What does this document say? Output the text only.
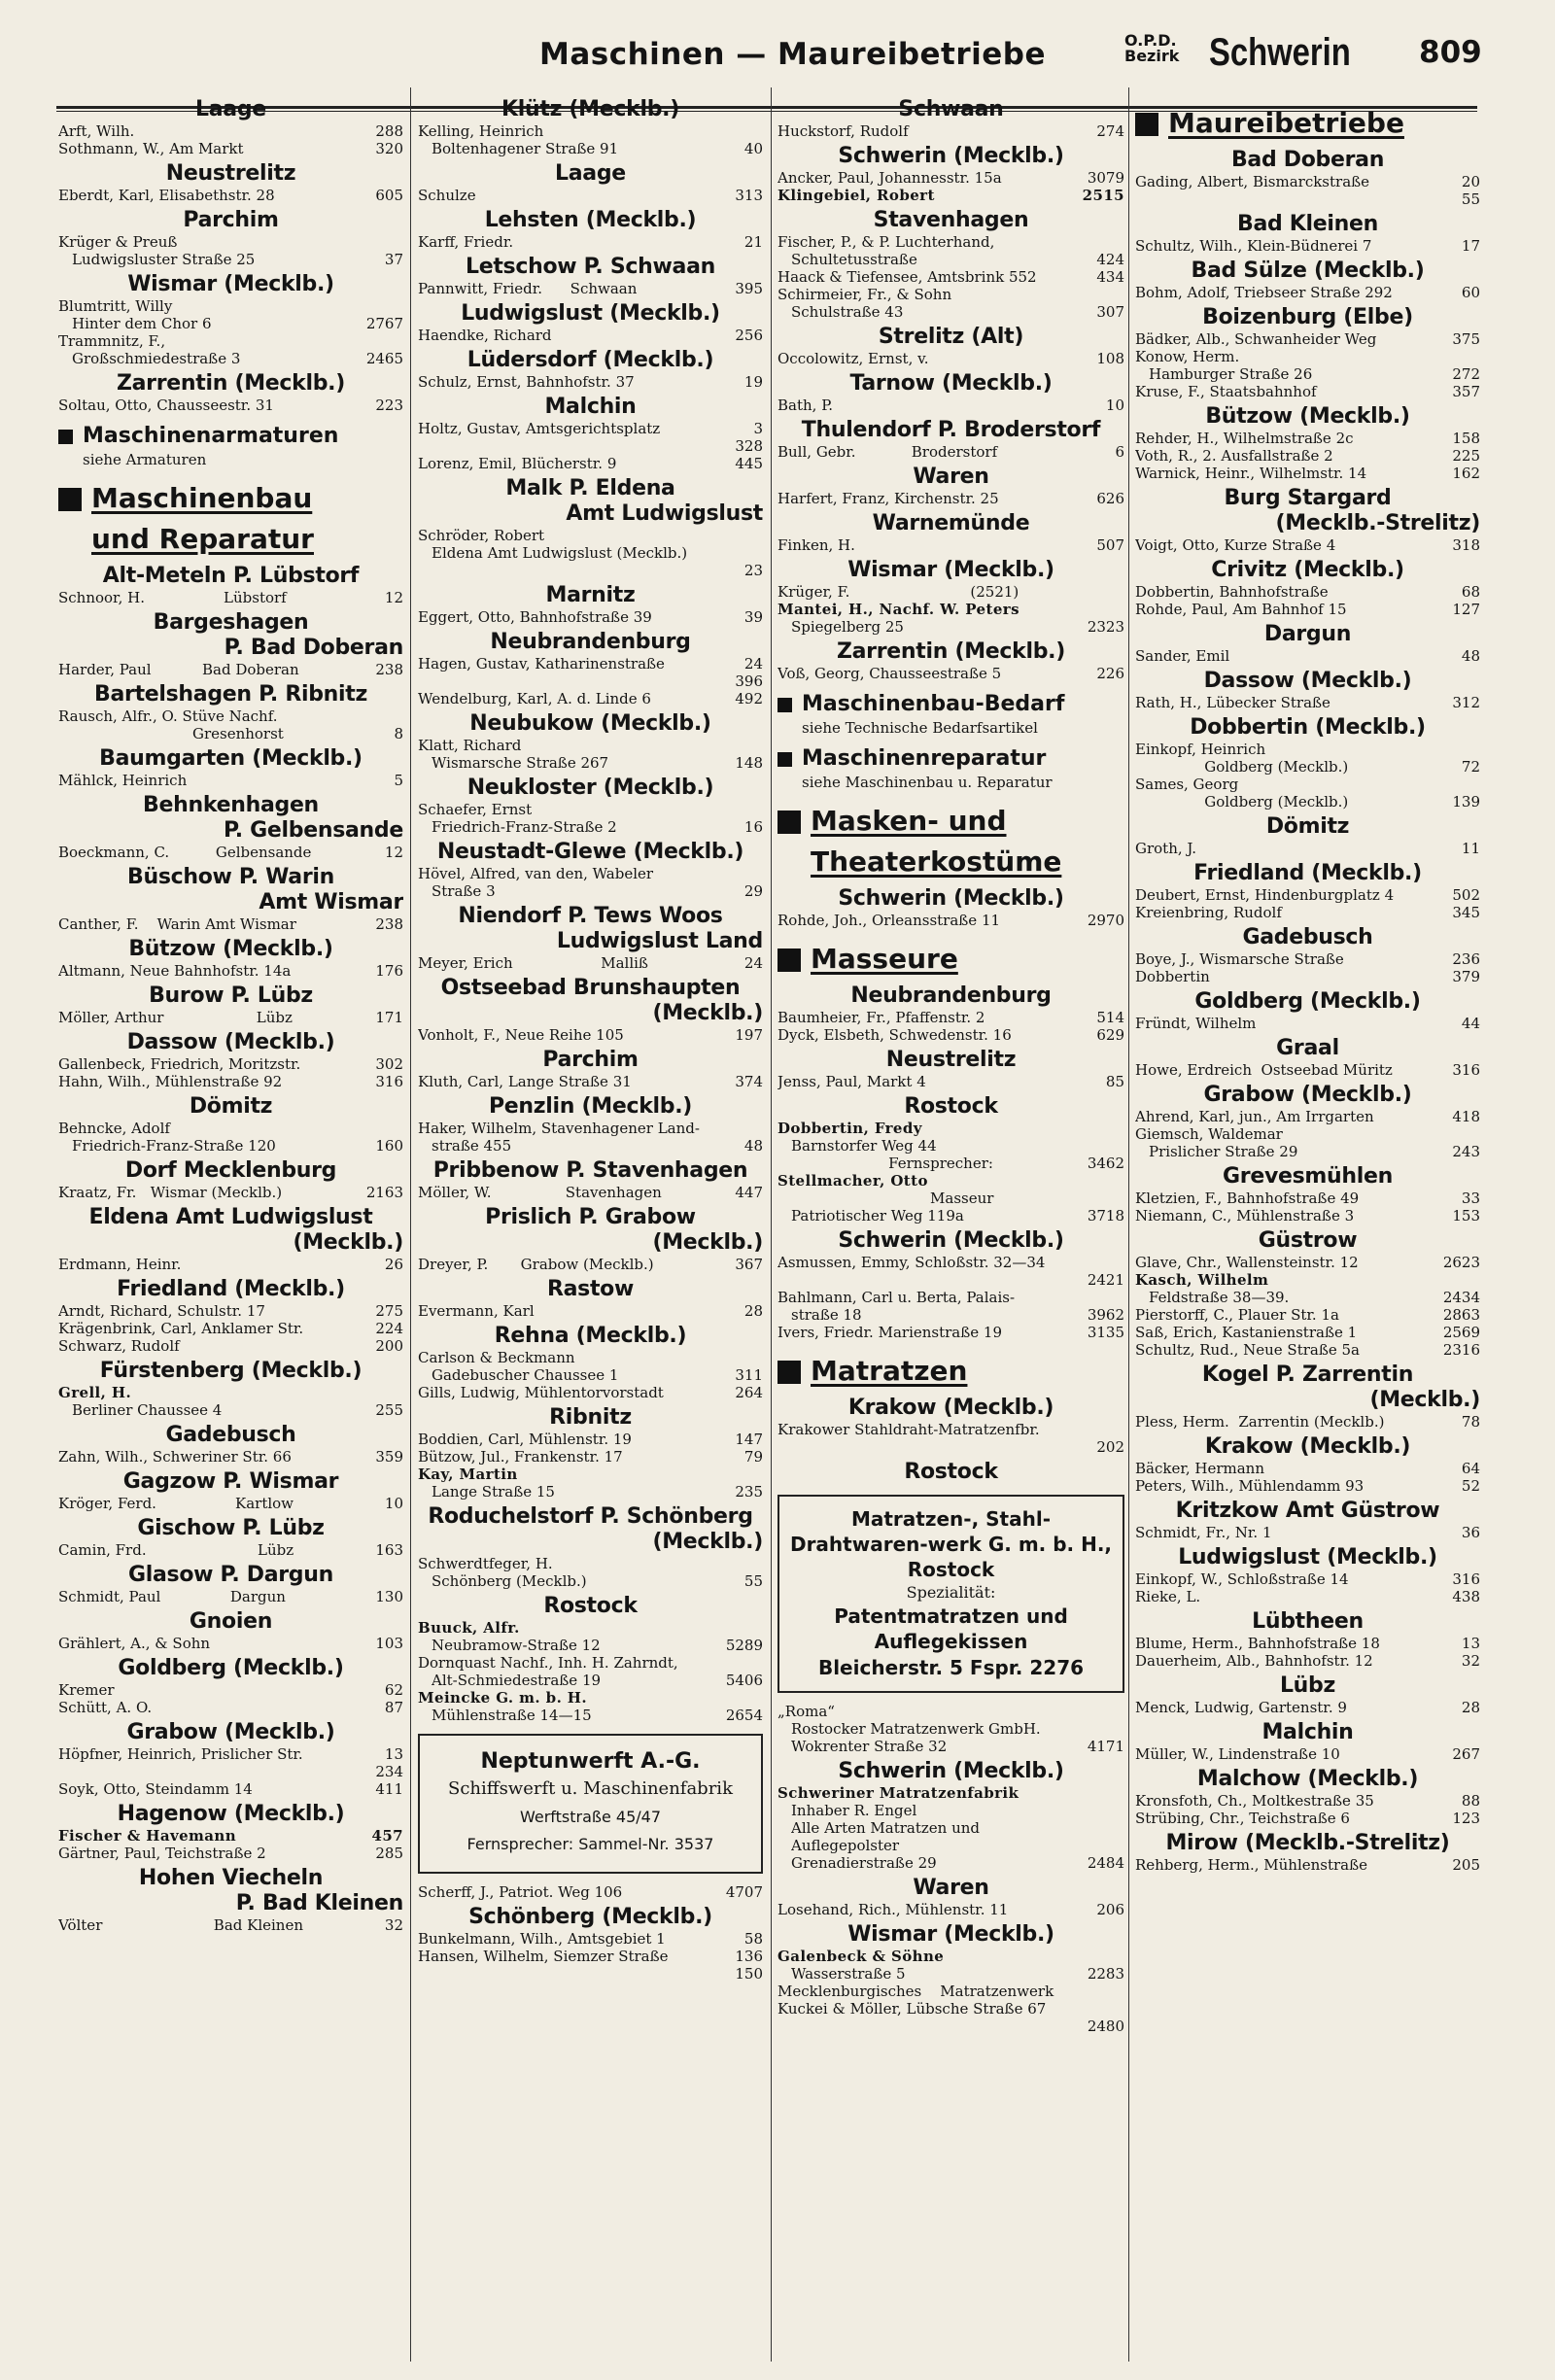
Maschinen — Maureibetriebe	O.P.D.
Bezirk Schwerin 809
Laage
Arft, Wilh.	288
Sothmann, W., Am Markt	320
Neustrelitz
Eberdt, Karl, Elisabethstr. 28	605
Parchim
Krüger & Preuß
Ludwigsluster Straße 25	37
Wismar (Mecklb.)
Blumtritt, Willy
Hinter dem Chor 6	2767
Trammnitz, F.,
Großschmiedestraße 3	2465
Zarrentin (Mecklb.)
Soltau, Otto, Chausseestr. 31	223
Maschinenarmaturen
siehe Armaturen
Maschinenbau
und Reparatur
Alt-Meteln P. Lübstorf
Schnoor, H.                 Lübstorf	12
Bargeshagen
P. Bad Doberan
Harder, Paul           Bad Doberan	238
Bartelshagen P. Ribnitz
Rausch, Alfr., O. Stüve Nachf.
Gresenhorst	8
Baumgarten (Mecklb.)
Mählck, Heinrich	5
Behnkenhagen
P. Gelbensande
Boeckmann, C.          Gelbensande	12
Büschow P. Warin
Amt Wismar
Canther, F.    Warin Amt Wismar	238
Bützow (Mecklb.)
Altmann, Neue Bahnhofstr. 14a	176
Burow P. Lübz
Möller, Arthur                    Lübz	171
Dassow (Mecklb.)
Gallenbeck, Friedrich, Moritzstr.	302
Hahn, Wilh., Mühlenstraße 92	316
Dömitz
Behncke, Adolf
Friedrich-Franz-Straße 120	160
Dorf Mecklenburg
Kraatz, Fr.   Wismar (Mecklb.)	2163
Eldena Amt Ludwigslust
(Mecklb.)
Erdmann, Heinr.	26
Friedland (Mecklb.)
Arndt, Richard, Schulstr. 17	275
Krägenbrink, Carl, Anklamer Str.	224
Schwarz, Rudolf	200
Fürstenberg (Mecklb.)
Grell, H.
Berliner Chaussee 4	255
Gadebusch
Zahn, Wilh., Schweriner Str. 66	359
Gagzow P. Wismar
Kröger, Ferd.                 Kartlow	10
Gischow P. Lübz
Camin, Frd.                        Lübz	163
Glasow P. Dargun
Schmidt, Paul               Dargun	130
Gnoien
Grählert, A., & Sohn	103
Goldberg (Mecklb.)
Kremer	62
Schütt, A. O.	87
Grabow (Mecklb.)
Höpfner, Heinrich, Prislicher Str.	13
234
Soyk, Otto, Steindamm 14	411
Hagenow (Mecklb.)
Fischer & Havemann	457
Gärtner, Paul, Teichstraße 2	285
Hohen Viecheln
P. Bad Kleinen
Völter                        Bad Kleinen	32
Klütz (Mecklb.)
Kelling, Heinrich
Boltenhagener Straße 91	40
Laage
Schulze	313
Lehsten (Mecklb.)
Karff, Friedr.	21
Letschow P. Schwaan
Pannwitt, Friedr.      Schwaan	395
Ludwigslust (Mecklb.)
Haendke, Richard	256
Lüdersdorf (Mecklb.)
Schulz, Ernst, Bahnhofstr. 37	19
Malchin
Holtz, Gustav, Amtsgerichtsplatz	3
328
Lorenz, Emil, Blücherstr. 9	445
Malk P. Eldena
Amt Ludwigslust
Schröder, Robert
Eldena Amt Ludwigslust (Mecklb.)
23
Marnitz
Eggert, Otto, Bahnhofstraße 39	39
Neubrandenburg
Hagen, Gustav, Katharinenstraße	24
396
Wendelburg, Karl, A. d. Linde 6	492
Neubukow (Mecklb.)
Klatt, Richard
Wismarsche Straße 267	148
Neukloster (Mecklb.)
Schaefer, Ernst
Friedrich-Franz-Straße 2	16
Neustadt-Glewe (Mecklb.)
Hövel, Alfred, van den, Wabeler
Straße 3	29
Niendorf P. Tews Woos
Ludwigslust Land
Meyer, Erich                   Malliß	24
Ostseebad Brunshaupten
(Mecklb.)
Vonholt, F., Neue Reihe 105	197
Parchim
Kluth, Carl, Lange Straße 31	374
Penzlin (Mecklb.)
Haker, Wilhelm, Stavenhagener Land-
straße 455	48
Pribbenow P. Stavenhagen
Möller, W.                Stavenhagen	447
Prislich P. Grabow
(Mecklb.)
Dreyer, P.       Grabow (Mecklb.)	367
Rastow
Evermann, Karl	28
Rehna (Mecklb.)
Carlson & Beckmann
Gadebuscher Chaussee 1	311
Gills, Ludwig, Mühlentorvorstadt	264
Ribnitz
Boddien, Carl, Mühlenstr. 19	147
Bützow, Jul., Frankenstr. 17	79
Kay, Martin
Lange Straße 15	235
Roduchelstorf P. Schönberg
(Mecklb.)
Schwerdtfeger, H.
Schönberg (Mecklb.)	55
Rostock
Buuck, Alfr.
Neubramow-Straße 12	5289
Dornquast Nachf., Inh. H. Zahrndt,
Alt-Schmiedestraße 19	5406
Meincke G. m. b. H.
Mühlenstraße 14—15	2654
Neptunwerft A.-G.
Schiffswerft u. Maschinenfabrik
Werftstraße 45/47
Fernsprecher: Sammel-Nr. 3537
Scherff, J., Patriot. Weg 106	4707
Schönberg (Mecklb.)
Bunkelmann, Wilh., Amtsgebiet 1	58
Hansen, Wilhelm, Siemzer Straße	136
150
Schwaan
Huckstorf, Rudolf	274
Schwerin (Mecklb.)
Ancker, Paul, Johannesstr. 15a	3079
Klingebiel, Robert	2515
Stavenhagen
Fischer, P., & P. Luchterhand,
Schultetusstraße	424
Haack & Tiefensee, Amtsbrink 552	434
Schirmeier, Fr., & Sohn
Schulstraße 43	307
Strelitz (Alt)
Occolowitz, Ernst, v.	108
Tarnow (Mecklb.)
Bath, P.	10
Thulendorf P. Broderstorf
Bull, Gebr.            Broderstorf	6
Waren
Harfert, Franz, Kirchenstr. 25	626
Warnemünde
Finken, H.	507
Wismar (Mecklb.)
Krüger, F.                          (2521)
Mantei, H., Nachf. W. Peters
Spiegelberg 25	2323
Zarrentin (Mecklb.)
Voß, Georg, Chausseestraße 5	226
Maschinenbau-Bedarf
siehe Technische Bedarfsartikel
Maschinenreparatur
siehe Maschinenbau u. Reparatur
Masken- und
Theaterkostüme
Schwerin (Mecklb.)
Rohde, Joh., Orleansstraße 11	2970
Masseure
Neubrandenburg
Baumheier, Fr., Pfaffenstr. 2	514
Dyck, Elsbeth, Schwedenstr. 16	629
Neustrelitz
Jenss, Paul, Markt 4	85
Rostock
Dobbertin, Fredy
Barnstorfer Weg 44
Fernsprecher:	3462
Stellmacher, Otto
Masseur
Patriotischer Weg 119a	3718
Schwerin (Mecklb.)
Asmussen, Emmy, Schloßstr. 32—34
2421
Bahlmann, Carl u. Berta, Palais-
straße 18	3962
Ivers, Friedr. Marienstraße 19	3135
Matratzen
Krakow (Mecklb.)
Krakower Stahldraht-Matratzenfbr.
202
Rostock
Matratzen-, Stahl-Drahtwaren-werk G. m. b. H., Rostock
Spezialität:
Patentmatratzen und Auflegekissen
Bleicherstr. 5 Fspr. 2276
„Roma“
Rostocker Matratzenwerk GmbH.
Wokrenter Straße 32	4171
Schwerin (Mecklb.)
Schweriner Matratzenfabrik
Inhaber R. Engel
Alle Arten Matratzen und
Auflegepolster
Grenadierstraße 29	2484
Waren
Losehand, Rich., Mühlenstr. 11	206
Wismar (Mecklb.)
Galenbeck & Söhne
Wasserstraße 5	2283
Mecklenburgisches    Matratzenwerk
Kuckei & Möller, Lübsche Straße 67
2480
Maureibetriebe
Bad Doberan
Gading, Albert, Bismarckstraße	20
55
Bad Kleinen
Schultz, Wilh., Klein-Büdnerei 7	17
Bad Sülze (Mecklb.)
Bohm, Adolf, Triebseer Straße 292	60
Boizenburg (Elbe)
Bädker, Alb., Schwanheider Weg	375
Konow, Herm.
Hamburger Straße 26	272
Kruse, F., Staatsbahnhof	357
Bützow (Mecklb.)
Rehder, H., Wilhelmstraße 2c	158
Voth, R., 2. Ausfallstraße 2	225
Warnick, Heinr., Wilhelmstr. 14	162
Burg Stargard
(Mecklb.-Strelitz)
Voigt, Otto, Kurze Straße 4	318
Crivitz (Mecklb.)
Dobbertin, Bahnhofstraße	68
Rohde, Paul, Am Bahnhof 15	127
Dargun
Sander, Emil	48
Dassow (Mecklb.)
Rath, H., Lübecker Straße	312
Dobbertin (Mecklb.)
Einkopf, Heinrich
Goldberg (Mecklb.)	72
Sames, Georg
Goldberg (Mecklb.)	139
Dömitz
Groth, J.	11
Friedland (Mecklb.)
Deubert, Ernst, Hindenburgplatz 4	502
Kreienbring, Rudolf	345
Gadebusch
Boye, J., Wismarsche Straße	236
Dobbertin	379
Goldberg (Mecklb.)
Fründt, Wilhelm	44
Graal
Howe, Erdreich  Ostseebad Müritz	316
Grabow (Mecklb.)
Ahrend, Karl, jun., Am Irrgarten	418
Giemsch, Waldemar
Prislicher Straße 29	243
Grevesmühlen
Kletzien, F., Bahnhofstraße 49	33
Niemann, C., Mühlenstraße 3	153
Güstrow
Glave, Chr., Wallensteinstr. 12	2623
Kasch, Wilhelm
Feldstraße 38—39.	2434
Pierstorff, C., Plauer Str. 1a	2863
Saß, Erich, Kastanienstraße 1	2569
Schultz, Rud., Neue Straße 5a	2316
Kogel P. Zarrentin
(Mecklb.)
Pless, Herm.  Zarrentin (Mecklb.)	78
Krakow (Mecklb.)
Bäcker, Hermann	64
Peters, Wilh., Mühlendamm 93	52
Kritzkow Amt Güstrow
Schmidt, Fr., Nr. 1	36
Ludwigslust (Mecklb.)
Einkopf, W., Schloßstraße 14	316
Rieke, L.	438
Lübtheen
Blume, Herm., Bahnhofstraße 18	13
Dauerheim, Alb., Bahnhofstr. 12	32
Lübz
Menck, Ludwig, Gartenstr. 9	28
Malchin
Müller, W., Lindenstraße 10	267
Malchow (Mecklb.)
Kronsfoth, Ch., Moltkestraße 35	88
Strübing, Chr., Teichstraße 6	123
Mirow (Mecklb.-Strelitz)
Rehberg, Herm., Mühlenstraße	205
